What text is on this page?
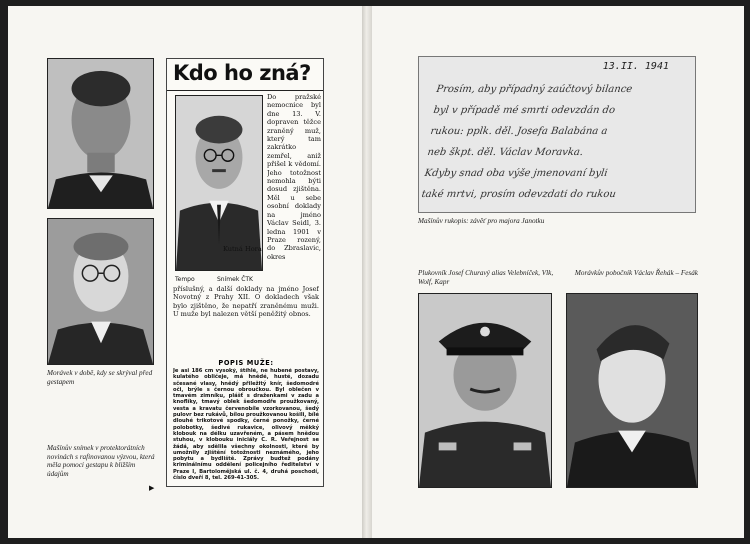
Morávek v době, kdy se skrýval před gestapem
Mašínův snímek v protektorátních novinách s rafinovanou výzvou, která měla pomoci gestapu k bližším údajům
▶
Kdo ho zná?
Tempo	Snímek ČTK
Do pražské nemocnice byl dne 13. V. dopraven těžce zraněný muž, který tam zakrátko zemřel, aniž přišel k vědomí. Jeho totožnost nemohla býti dosud zjištěna. Měl u sebe osobní doklady na jméno Václav Seidl, 3. ledna 1901 v Praze rozený, do Zbraslavic, okres
Kutná Hora
příslušný, a další doklady na jméno Josef Novotný z Prahy XII. O dokladech však bylo zjištěno, že nepatří zraněnému muži. U muže byl nalezen větší peněžitý obnos.
POPIS MUŽE:
Je asi 186 cm vysoký, štíhlé, ne hubené postavy, kulatého obličeje, má hnědé, husté, dozadu sčesané vlasy, hnědý přiležitý knír, šedomodré oči, brýle s černou obroučkou. Byl oblečen v tmavém zimníku, plášť s draženkami v zadu a knoflíky, tmavý oblek šedomodře proužkovaný, vesta a kravatu červenobíle vzorkovanou, šedý pulovr bez rukávů, bílou proužkovanou košili, bílé dlouhé trikotové spodky, černé ponožky, černé polobotky, šedivé rukavice, olivový měkký klobouk na délku uzavřeném, a pásem hnědou stuhou, v klobouku iniciály C. R. Veřejnost se žádá, aby sdělila všechny okolnosti, které by umožnily zjištění totožnosti neznámého, jeho pobytu a bydliště. Zprávy budtež podány kriminálnímu oddělení policejního ředitelství v Praze I, Bartolomějská ul. č. 4, druhá poschodí, číslo dveří 8, tel. 269-41-305.
13.II. 1941
Prosím, aby případný zaúčtový bilance
byl v případě mé smrti odevzdán do
rukou: pplk. děl. Josefa Balabána a
neb škpt. děl. Václav Moravka.
Kdyby snad oba výše jmenovaní byli
také mrtvi, prosím odevzdati do rukou
Mašínův rukopis: závěť pro majora Janotku
Plukovník Josef Churavý alias Velebníček, Vlk, Wolf, Kapr
Morávkův pobočník Václav Řehák – Fesák
